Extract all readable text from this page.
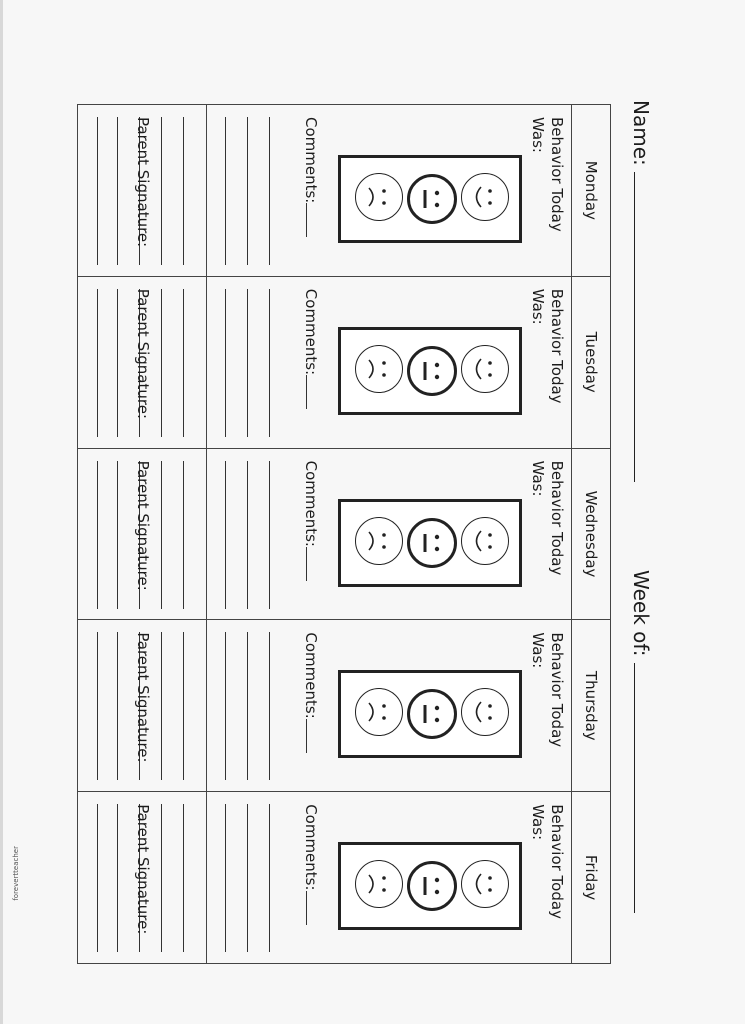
Name:
Week of:
Monday
Behavior Today
Was:
Comments:
Parent Signature:
Tuesday
Behavior Today
Was:
Comments:
Parent Signature:
Wednesday
Behavior Today
Was:
Comments:
Parent Signature:
Thursday
Behavior Today
Was:
Comments:
Parent Signature:
Friday
Behavior Today
Was:
Comments:
Parent Signature:
forevertteacher
